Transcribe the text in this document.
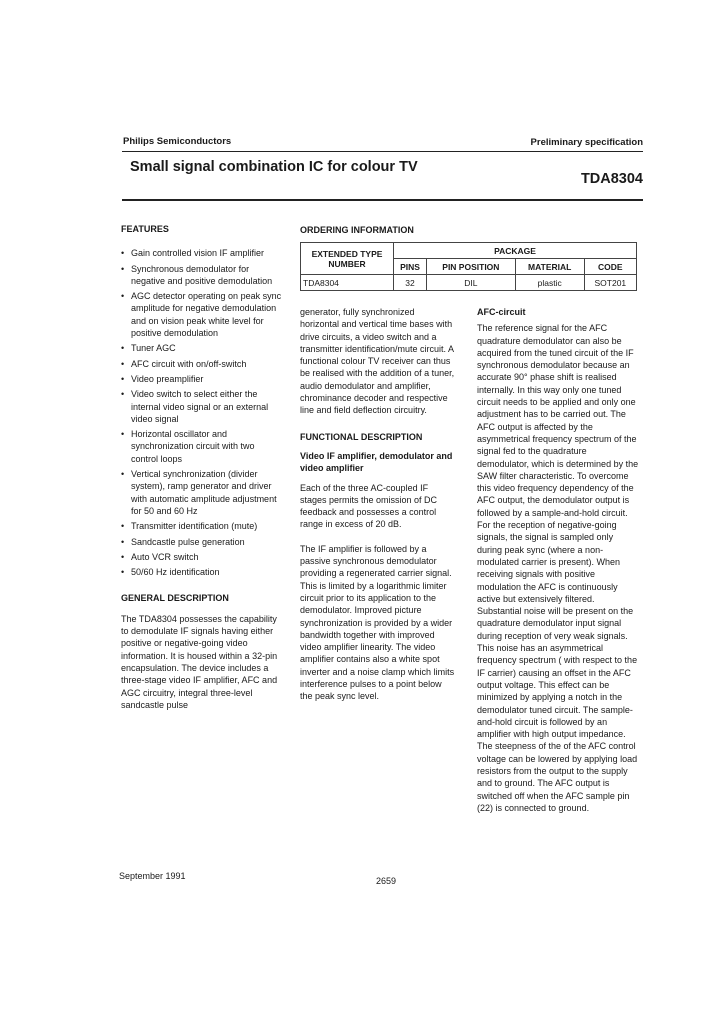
Philips Semiconductors	Preliminary specification
Small signal combination IC for colour TV
TDA8304

FEATURES

• Gain controlled vision IF amplifier
• Synchronous demodulator for negative and positive demodulation
• AGC detector operating on peak sync amplitude for negative demodulation and on vision peak white level for positive demodulation
• Tuner AGC
• AFC circuit with on/off-switch
• Video preamplifier
• Video switch to select either the internal video signal or an external video signal
• Horizontal oscillator and synchronization circuit with two control loops
• Vertical synchronization (divider system), ramp generator and driver with automatic amplitude adjustment for 50 and 60 Hz
• Transmitter identification (mute)
• Sandcastle pulse generation
• Auto VCR switch
• 50/60 Hz identification

GENERAL DESCRIPTION

The TDA8304 possesses the capability to demodulate IF signals having either positive or negative-going video information. It is housed within a 32-pin encapsulation. The device includes a three-stage video IF amplifier, AFC and AGC circuitry, integral three-level sandcastle pulse

ORDERING INFORMATION
EXTENDED TYPE NUMBER	PACKAGE			
	PINS	PIN POSITION	MATERIAL	CODE
TDA8304	32	DIL	plastic	SOT201

generator, fully synchronized horizontal and vertical time bases with drive circuits, a video switch and a transmitter identification/mute circuit. A functional colour TV receiver can thus be realised with the addition of a tuner, audio demodulator and amplifier, chrominance decoder and respective line and field deflection circuitry.

FUNCTIONAL DESCRIPTION

Video IF amplifier, demodulator and video amplifier

Each of the three AC-coupled IF stages permits the omission of DC feedback and possesses a control range in excess of 20 dB.

The IF amplifier is followed by a passive synchronous demodulator providing a regenerated carrier signal. This is limited by a logarithmic limiter circuit prior to its application to the demodulator. Improved picture synchronization is provided by a wider bandwidth together with improved video amplifier linearity. The video amplifier contains also a white spot inverter and a noise clamp which limits interference pulses to a point below the peak sync level.

AFC-circuit

The reference signal for the AFC quadrature demodulator can also be acquired from the tuned circuit of the IF synchronous demodulator because an accurate 90° phase shift is realised internally. In this way only one tuned circuit needs to be applied and only one adjustment has to be carried out. The AFC output is affected by the asymmetrical frequency spectrum of the signal fed to the quadrature demodulator, which is determined by the SAW filter characteristic. To overcome this video frequency dependency of the AFC output, the demodulator output is followed by a sample-and-hold circuit.

For the reception of negative-going signals, the signal is sampled only during peak sync (where a non-modulated carrier is present). When receiving signals with positive modulation the AFC is continuously active but extensively filtered. Substantial noise will be present on the quadrature demodulator input signal during reception of very weak signals. This noise has an asymmetrical frequency spectrum ( with respect to the IF carrier) causing an offset in the AFC output voltage. This effect can be minimized by applying a notch in the demodulator tuned circuit. The sample-and-hold circuit is followed by an amplifier with high output impedance. The steepness of the of the AFC control voltage can be lowered by applying load resistors from the output to the supply and to ground. The AFC output is switched off when the AFC sample pin (22) is connected to ground.

September 1991	2659
